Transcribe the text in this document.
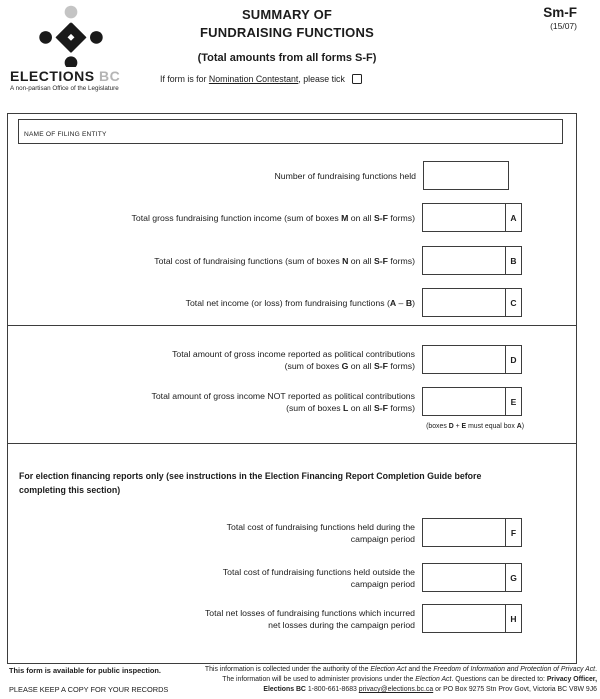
ELECTIONS BC
A non-partisan Office of the Legislature
SUMMARY OF
FUNDRAISING FUNCTIONS
(Total amounts from all forms S-F)
Sm-F
(15/07)
If form is for Nomination Contestant, please tick
NAME OF FILING ENTITY
Number of fundraising functions held
Total gross fundraising function income (sum of boxes M on all S-F forms)	A
Total cost of fundraising functions (sum of boxes N on all S-F forms)	B
Total net income (or loss) from fundraising functions (A – B)	C
Total amount of gross income reported as political contributions
(sum of boxes G on all S-F forms)
D
Total amount of gross income NOT reported as political contributions
(sum of boxes L on all S-F forms)
E
(boxes D + E must equal box A)
For election financing reports only (see instructions in the Election Financing Report Completion Guide before
completing this section)
Total cost of fundraising functions held during the
campaign period
F
Total cost of fundraising functions held outside the
campaign period
G
Total net losses of fundraising functions which incurred
net losses during the campaign period
H
This form is available for public inspection.
PLEASE KEEP A COPY FOR YOUR RECORDS
This information is collected under the authority of the Election Act and the Freedom of Information and Protection of Privacy Act.
The information will be used to administer provisions under the Election Act. Questions can be directed to: Privacy Officer,
Elections BC 1-800-661-8683 privacy@elections.bc.ca or PO Box 9275 Stn Prov Govt, Victoria BC V8W 9J6
